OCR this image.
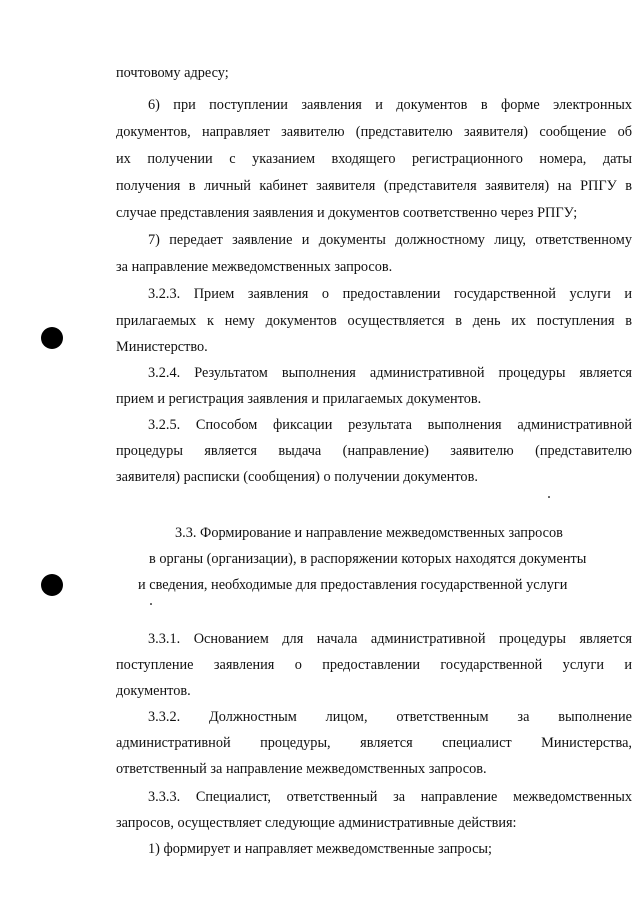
почтовому адресу;
6) при поступлении заявления и документов в форме электронных
документов, направляет заявителю (представителю заявителя) сообщение об
их получении с указанием входящего регистрационного номера, даты
получения в личный кабинет заявителя (представителя заявителя) на РПГУ в
случае представления заявления и документов соответственно через РПГУ;
7) передает заявление и документы должностному лицу, ответственному
за направление межведомственных запросов.
3.2.3. Прием заявления о предоставлении государственной услуги и
прилагаемых к нему документов осуществляется в день их поступления в
Министерство.
3.2.4. Результатом выполнения административной процедуры является
прием и регистрация заявления и прилагаемых документов.
3.2.5. Способом фиксации результата выполнения административной
процедуры является выдача (направление) заявителю (представителю
заявителя) расписки (сообщения) о получении документов.
3.3. Формирование и направление межведомственных запросов
в органы (организации), в распоряжении которых находятся документы
и сведения, необходимые для предоставления государственной услуги
3.3.1. Основанием для начала административной процедуры является
поступление заявления о предоставлении государственной услуги и
документов.
3.3.2. Должностным лицом, ответственным за выполнение
административной процедуры, является специалист Министерства,
ответственный за направление межведомственных запросов.
3.3.3. Специалист, ответственный за направление межведомственных
запросов, осуществляет следующие административные действия:
1) формирует и направляет межведомственные запросы;
